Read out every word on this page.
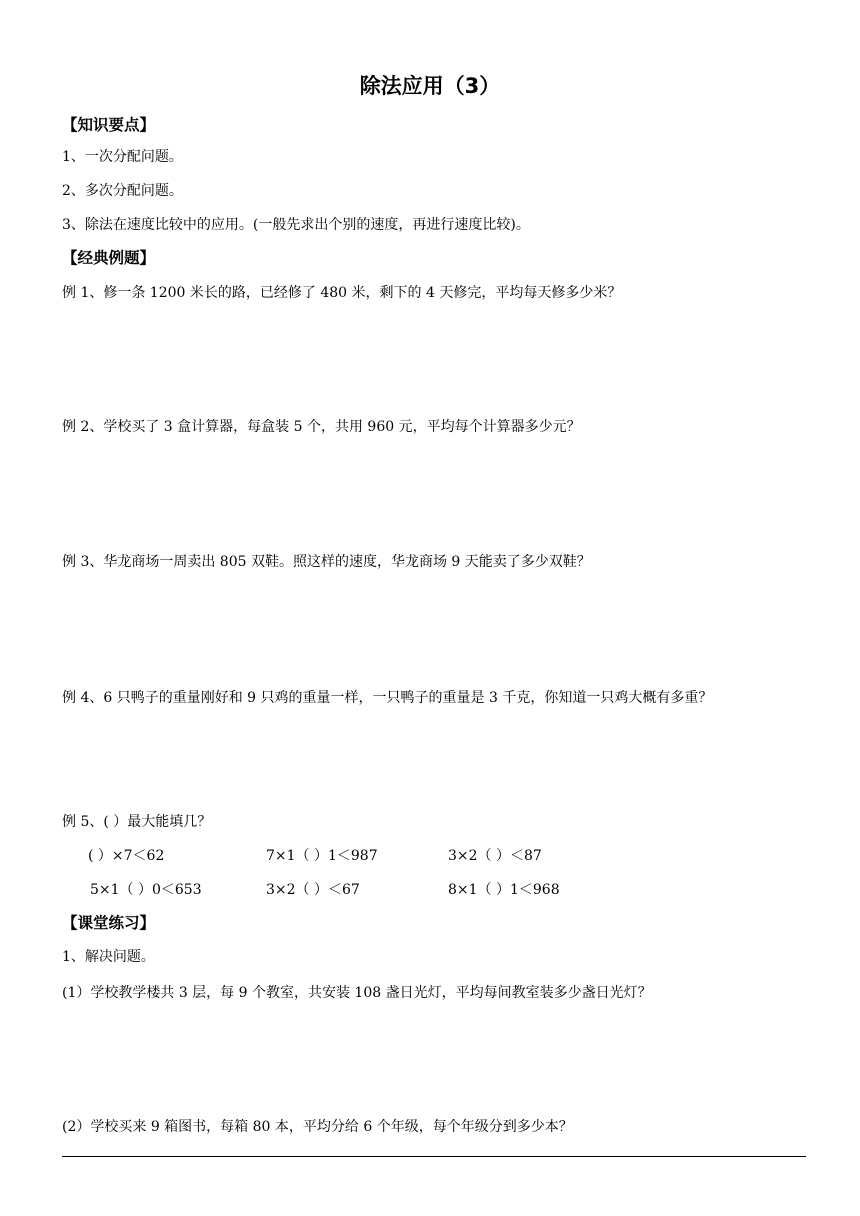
除法应用（3）
【知识要点】
1、一次分配问题。
2、多次分配问题。
3、除法在速度比较中的应用。(一般先求出个别的速度，再进行速度比较)。
【经典例题】
例 1、修一条 1200 米长的路，已经修了 480 米，剩下的 4 天修完，平均每天修多少米？
例 2、学校买了 3 盒计算器，每盒装 5 个，共用 960 元，平均每个计算器多少元？
例 3、华龙商场一周卖出 805 双鞋。照这样的速度，华龙商场 9 天能卖了多少双鞋？
例 4、6 只鸭子的重量刚好和 9 只鸡的重量一样，一只鸭子的重量是 3 千克，你知道一只鸡大概有多重？
例 5、( ）最大能填几？
( ）×7＜62	7×1（ ）1＜987	3×2（ ）＜87
5×1（ ）0＜653	3×2（ ）＜67	8×1（ ）1＜968
【课堂练习】
1、解决问题。
(1）学校教学楼共 3 层，每 9 个教室，共安装 108 盏日光灯，平均每间教室装多少盏日光灯？
(2）学校买来 9 箱图书，每箱 80 本，平均分给 6 个年级，每个年级分到多少本？
